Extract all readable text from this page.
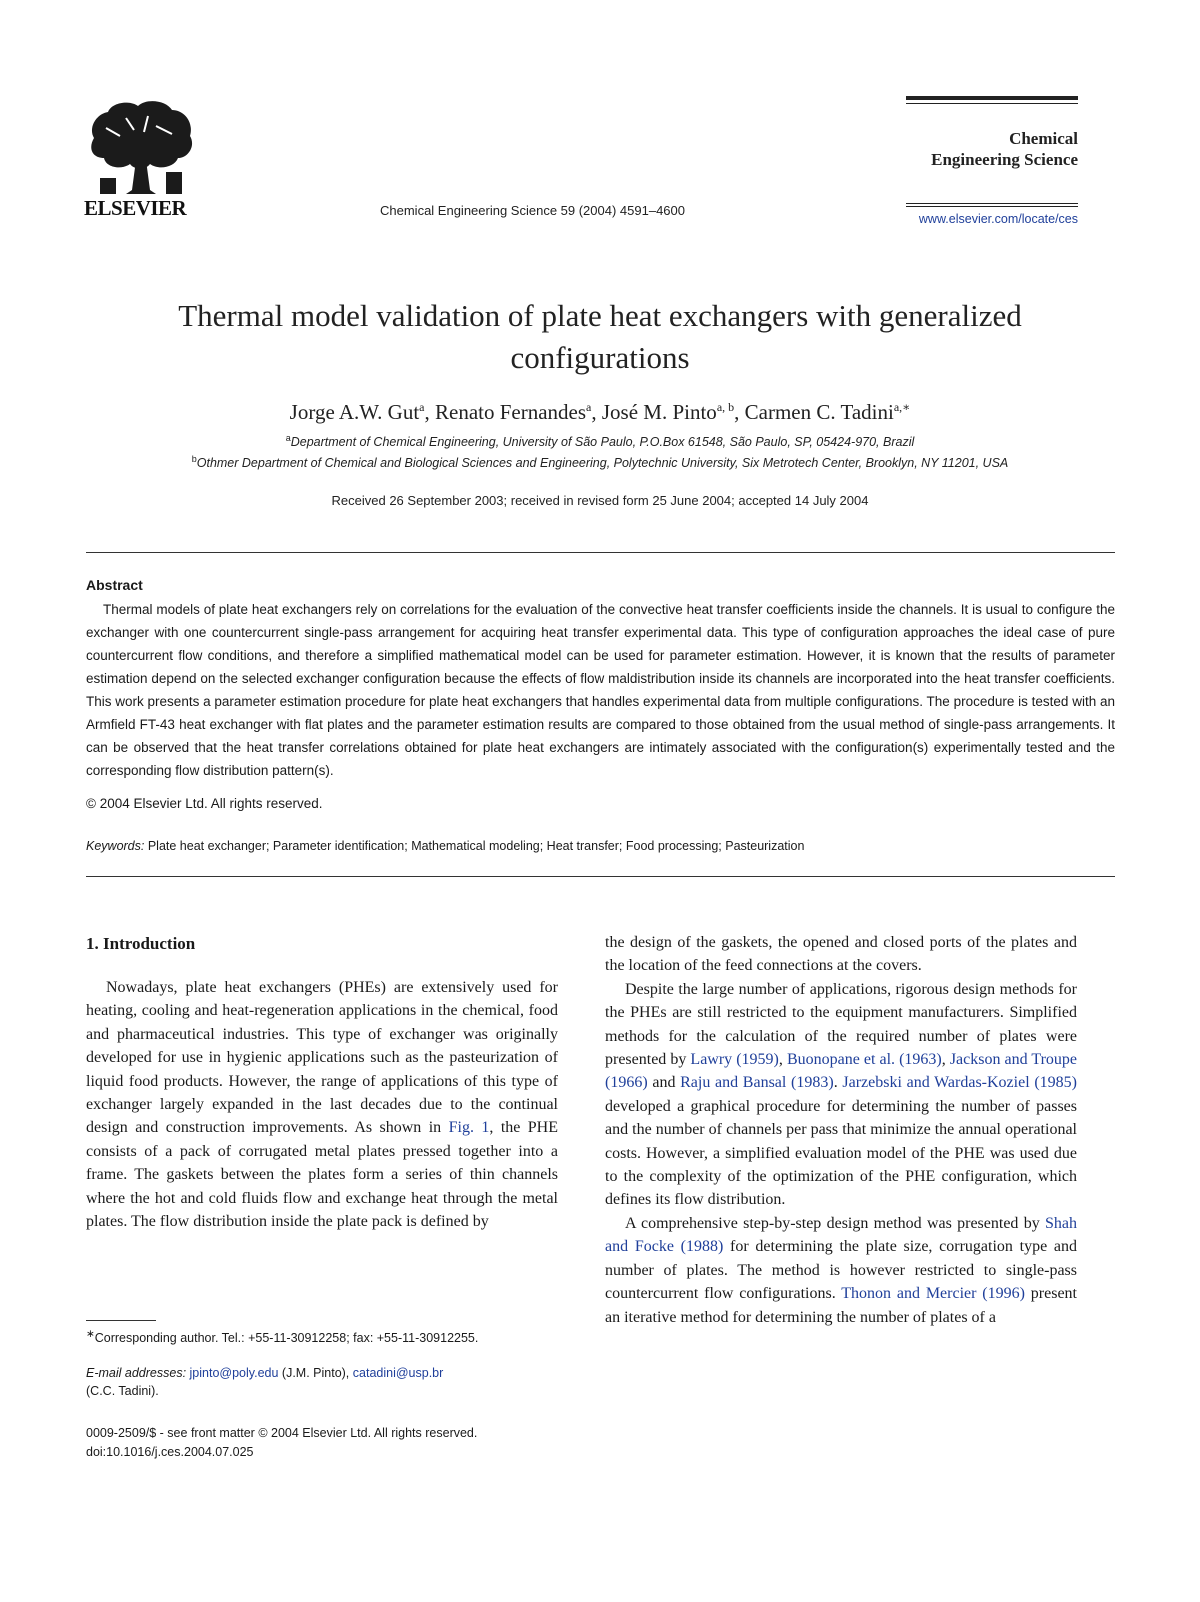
ELSEVIER	Chemical Engineering Science 59 (2004) 4591–4600
Chemical
Engineering Science
www.elsevier.com/locate/ces
Thermal model validation of plate heat exchangers with generalized
configurations
Jorge A.W. Gut$^a$, Renato Fernandes$^a$, José M. Pinto$^{a, b}$, Carmen C. Tadini$^{a,∗}$
$^a$Department of Chemical Engineering, University of São Paulo, P.O.Box 61548, São Paulo, SP, 05424-970, Brazil
$^b$Othmer Department of Chemical and Biological Sciences and Engineering, Polytechnic University, Six Metrotech Center, Brooklyn, NY 11201, USA
Received 26 September 2003; received in revised form 25 June 2004; accepted 14 July 2004
Abstract

Thermal models of plate heat exchangers rely on correlations for the evaluation of the convective heat transfer coefficients inside the channels. It is usual to configure the exchanger with one countercurrent single-pass arrangement for acquiring heat transfer experimental data. This type of configuration approaches the ideal case of pure countercurrent flow conditions, and therefore a simplified mathematical model can be used for parameter estimation. However, it is known that the results of parameter estimation depend on the selected exchanger configuration because the effects of flow maldistribution inside its channels are incorporated into the heat transfer coefficients. This work presents a parameter estimation procedure for plate heat exchangers that handles experimental data from multiple configurations. The procedure is tested with an Armfield FT-43 heat exchanger with flat plates and the parameter estimation results are compared to those obtained from the usual method of single-pass arrangements. It can be observed that the heat transfer correlations obtained for plate heat exchangers are intimately associated with the configuration(s) experimentally tested and the corresponding flow distribution pattern(s).

© 2004 Elsevier Ltd. All rights reserved.
Keywords: Plate heat exchanger; Parameter identification; Mathematical modeling; Heat transfer; Food processing; Pasteurization
1. Introduction

Nowadays, plate heat exchangers (PHEs) are extensively used for heating, cooling and heat-regeneration applications in the chemical, food and pharmaceutical industries. This type of exchanger was originally developed for use in hygienic applications such as the pasteurization of liquid food products. However, the range of applications of this type of exchanger largely expanded in the last decades due to the continual design and construction improvements. As shown in Fig. 1, the PHE consists of a pack of corrugated metal plates pressed together into a frame. The gaskets between the plates form a series of thin channels where the hot and cold fluids flow and exchange heat through the metal plates. The flow distribution inside the plate pack is defined by

the design of the gaskets, the opened and closed ports of the plates and the location of the feed connections at the covers.

Despite the large number of applications, rigorous design methods for the PHEs are still restricted to the equipment manufacturers. Simplified methods for the calculation of the required number of plates were presented by Lawry (1959), Buonopane et al. (1963), Jackson and Troupe (1966) and Raju and Bansal (1983). Jarzebski and Wardas-Koziel (1985) developed a graphical procedure for determining the number of passes and the number of channels per pass that minimize the annual operational costs. However, a simplified evaluation model of the PHE was used due to the complexity of the optimization of the PHE configuration, which defines its flow distribution.

A comprehensive step-by-step design method was presented by Shah and Focke (1988) for determining the plate size, corrugation type and number of plates. The method is however restricted to single-pass countercurrent flow configurations. Thonon and Mercier (1996) present an iterative method for determining the number of plates of a

∗Corresponding author. Tel.: +55-11-30912258; fax: +55-11-30912255.

E-mail addresses: jpinto@poly.edu (J.M. Pinto), catadini@usp.br
(C.C. Tadini).

0009-2509/$ - see front matter © 2004 Elsevier Ltd. All rights reserved.
doi:10.1016/j.ces.2004.07.025
